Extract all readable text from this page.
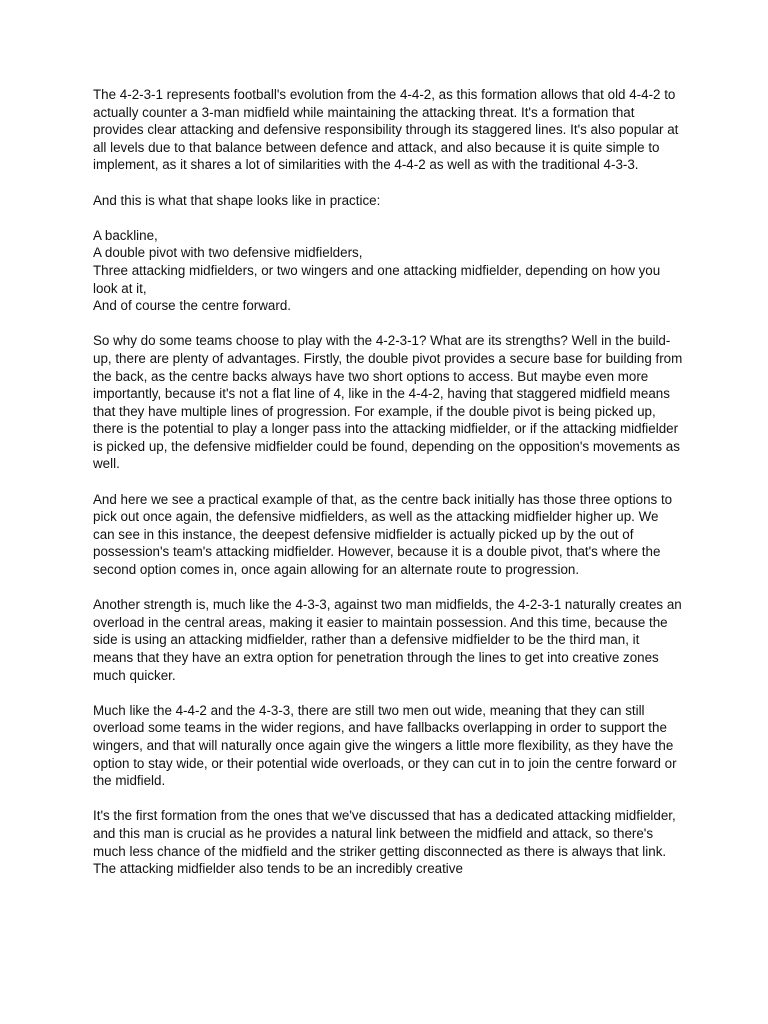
The 4-2-3-1 represents football's evolution from the 4-4-2, as this formation allows that old 4-4-2 to actually counter a 3-man midfield while maintaining the attacking threat. It's a formation that provides clear attacking and defensive responsibility through its staggered lines. It's also popular at all levels due to that balance between defence and attack, and also because it is quite simple to implement, as it shares a lot of similarities with the 4-4-2 as well as with the traditional 4-3-3.

And this is what that shape looks like in practice:

A backline,
A double pivot with two defensive midfielders,
Three attacking midfielders, or two wingers and one attacking midfielder, depending on how you look at it,
And of course the centre forward.

So why do some teams choose to play with the 4-2-3-1? What are its strengths? Well in the build-up, there are plenty of advantages. Firstly, the double pivot provides a secure base for building from the back, as the centre backs always have two short options to access. But maybe even more importantly, because it's not a flat line of 4, like in the 4-4-2, having that staggered midfield means that they have multiple lines of progression. For example, if the double pivot is being picked up, there is the potential to play a longer pass into the attacking midfielder, or if the attacking midfielder is picked up, the defensive midfielder could be found, depending on the opposition's movements as well.

And here we see a practical example of that, as the centre back initially has those three options to pick out once again, the defensive midfielders, as well as the attacking midfielder higher up. We can see in this instance, the deepest defensive midfielder is actually picked up by the out of possession's team's attacking midfielder. However, because it is a double pivot, that's where the second option comes in, once again allowing for an alternate route to progression.

Another strength is, much like the 4-3-3, against two man midfields, the 4-2-3-1 naturally creates an overload in the central areas, making it easier to maintain possession. And this time, because the side is using an attacking midfielder, rather than a defensive midfielder to be the third man, it means that they have an extra option for penetration through the lines to get into creative zones much quicker.

Much like the 4-4-2 and the 4-3-3, there are still two men out wide, meaning that they can still overload some teams in the wider regions, and have fallbacks overlapping in order to support the wingers, and that will naturally once again give the wingers a little more flexibility, as they have the option to stay wide, or their potential wide overloads, or they can cut in to join the centre forward or the midfield.

It's the first formation from the ones that we've discussed that has a dedicated attacking midfielder, and this man is crucial as he provides a natural link between the midfield and attack, so there's much less chance of the midfield and the striker getting disconnected as there is always that link. The attacking midfielder also tends to be an incredibly creative
